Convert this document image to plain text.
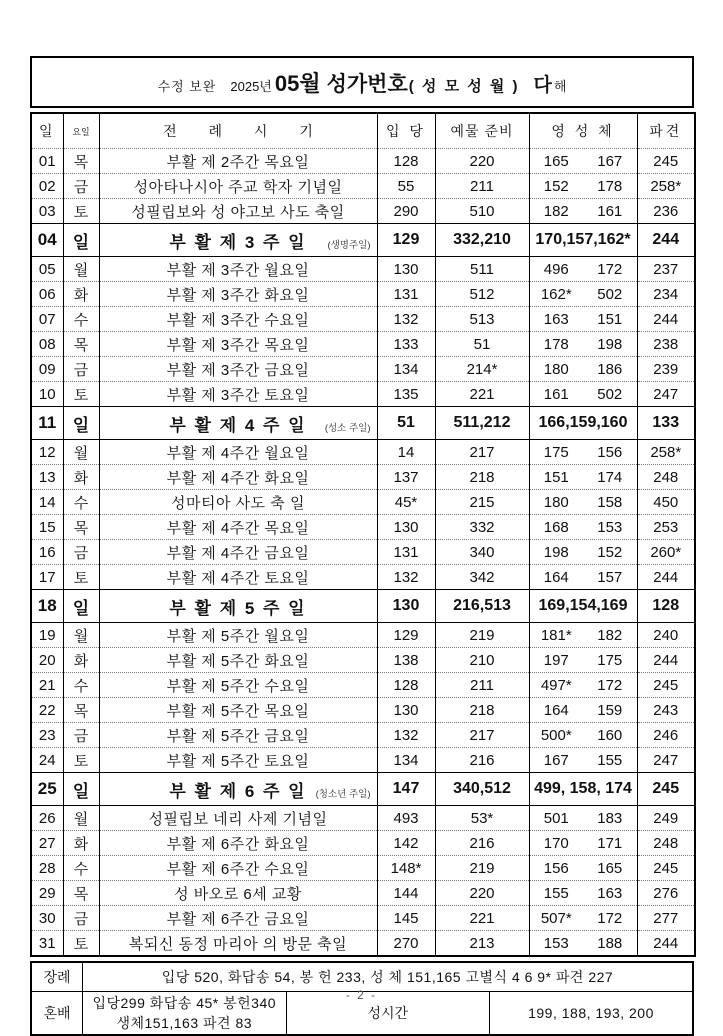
수정 보완 2025년 05월 성가번호 ( 성 모 성 월 ) 다 해
일	요일	전 례 시 기	입 당	예물 준비	영 성 체	파견
01	목	부활 제 2주간 목요일	128	220	165 167	245
02	금	성아타나시아 주교 학자 기념일	55	211	152 178	258*
03	토	성필립보와 성 야고보 사도 축일	290	510	182 161	236
04	일	부 활 제 3 주 일 (생명주일)	129	332,210	170,157,162*	244
05	월	부활 제 3주간 월요일	130	511	496 172	237
06	화	부활 제 3주간 화요일	131	512	162* 502	234
07	수	부활 제 3주간 수요일	132	513	163 151	244
08	목	부활 제 3주간 목요일	133	51	178 198	238
09	금	부활 제 3주간 금요일	134	214*	180 186	239
10	토	부활 제 3주간 토요일	135	221	161 502	247
11	일	부 활 제 4 주 일 (성소 주일)	51	511,212	166,159,160	133
12	월	부활 제 4주간 월요일	14	217	175 156	258*
13	화	부활 제 4주간 화요일	137	218	151 174	248
14	수	성마티아 사도 축 일	45*	215	180 158	450
15	목	부활 제 4주간 목요일	130	332	168 153	253
16	금	부활 제 4주간 금요일	131	340	198 152	260*
17	토	부활 제 4주간 토요일	132	342	164 157	244
18	일	부 활 제 5 주 일	130	216,513	169,154,169	128
19	월	부활 제 5주간 월요일	129	219	181* 182	240
20	화	부활 제 5주간 화요일	138	210	197 175	244
21	수	부활 제 5주간 수요일	128	211	497* 172	245
22	목	부활 제 5주간 목요일	130	218	164 159	243
23	금	부활 제 5주간 금요일	132	217	500* 160	246
24	토	부활 제 5주간 토요일	134	216	167 155	247
25	일	부 활 제 6 주 일 (청소년 주일)	147	340,512	499, 158, 174	245
26	월	성필립보 네리 사제 기념일	493	53*	501 183	249
27	화	부활 제 6주간 화요일	142	216	170 171	248
28	수	부활 제 6주간 수요일	148*	219	156 165	245
29	목	성 바오로 6세 교황	144	220	155 163	276
30	금	부활 제 6주간 금요일	145	221	507* 172	277
31	토	복되신 동정 마리아 의 방문 축일	270	213	153 188	244
장례	입당 520, 화답송 54, 봉 헌 233, 성 체 151,165 고별식 4 6 9* 파견 227		
혼배	입당299 화답송 45* 봉헌340 생체151,163 파견 83	성시간	199, 188, 193, 200
- 2 -
